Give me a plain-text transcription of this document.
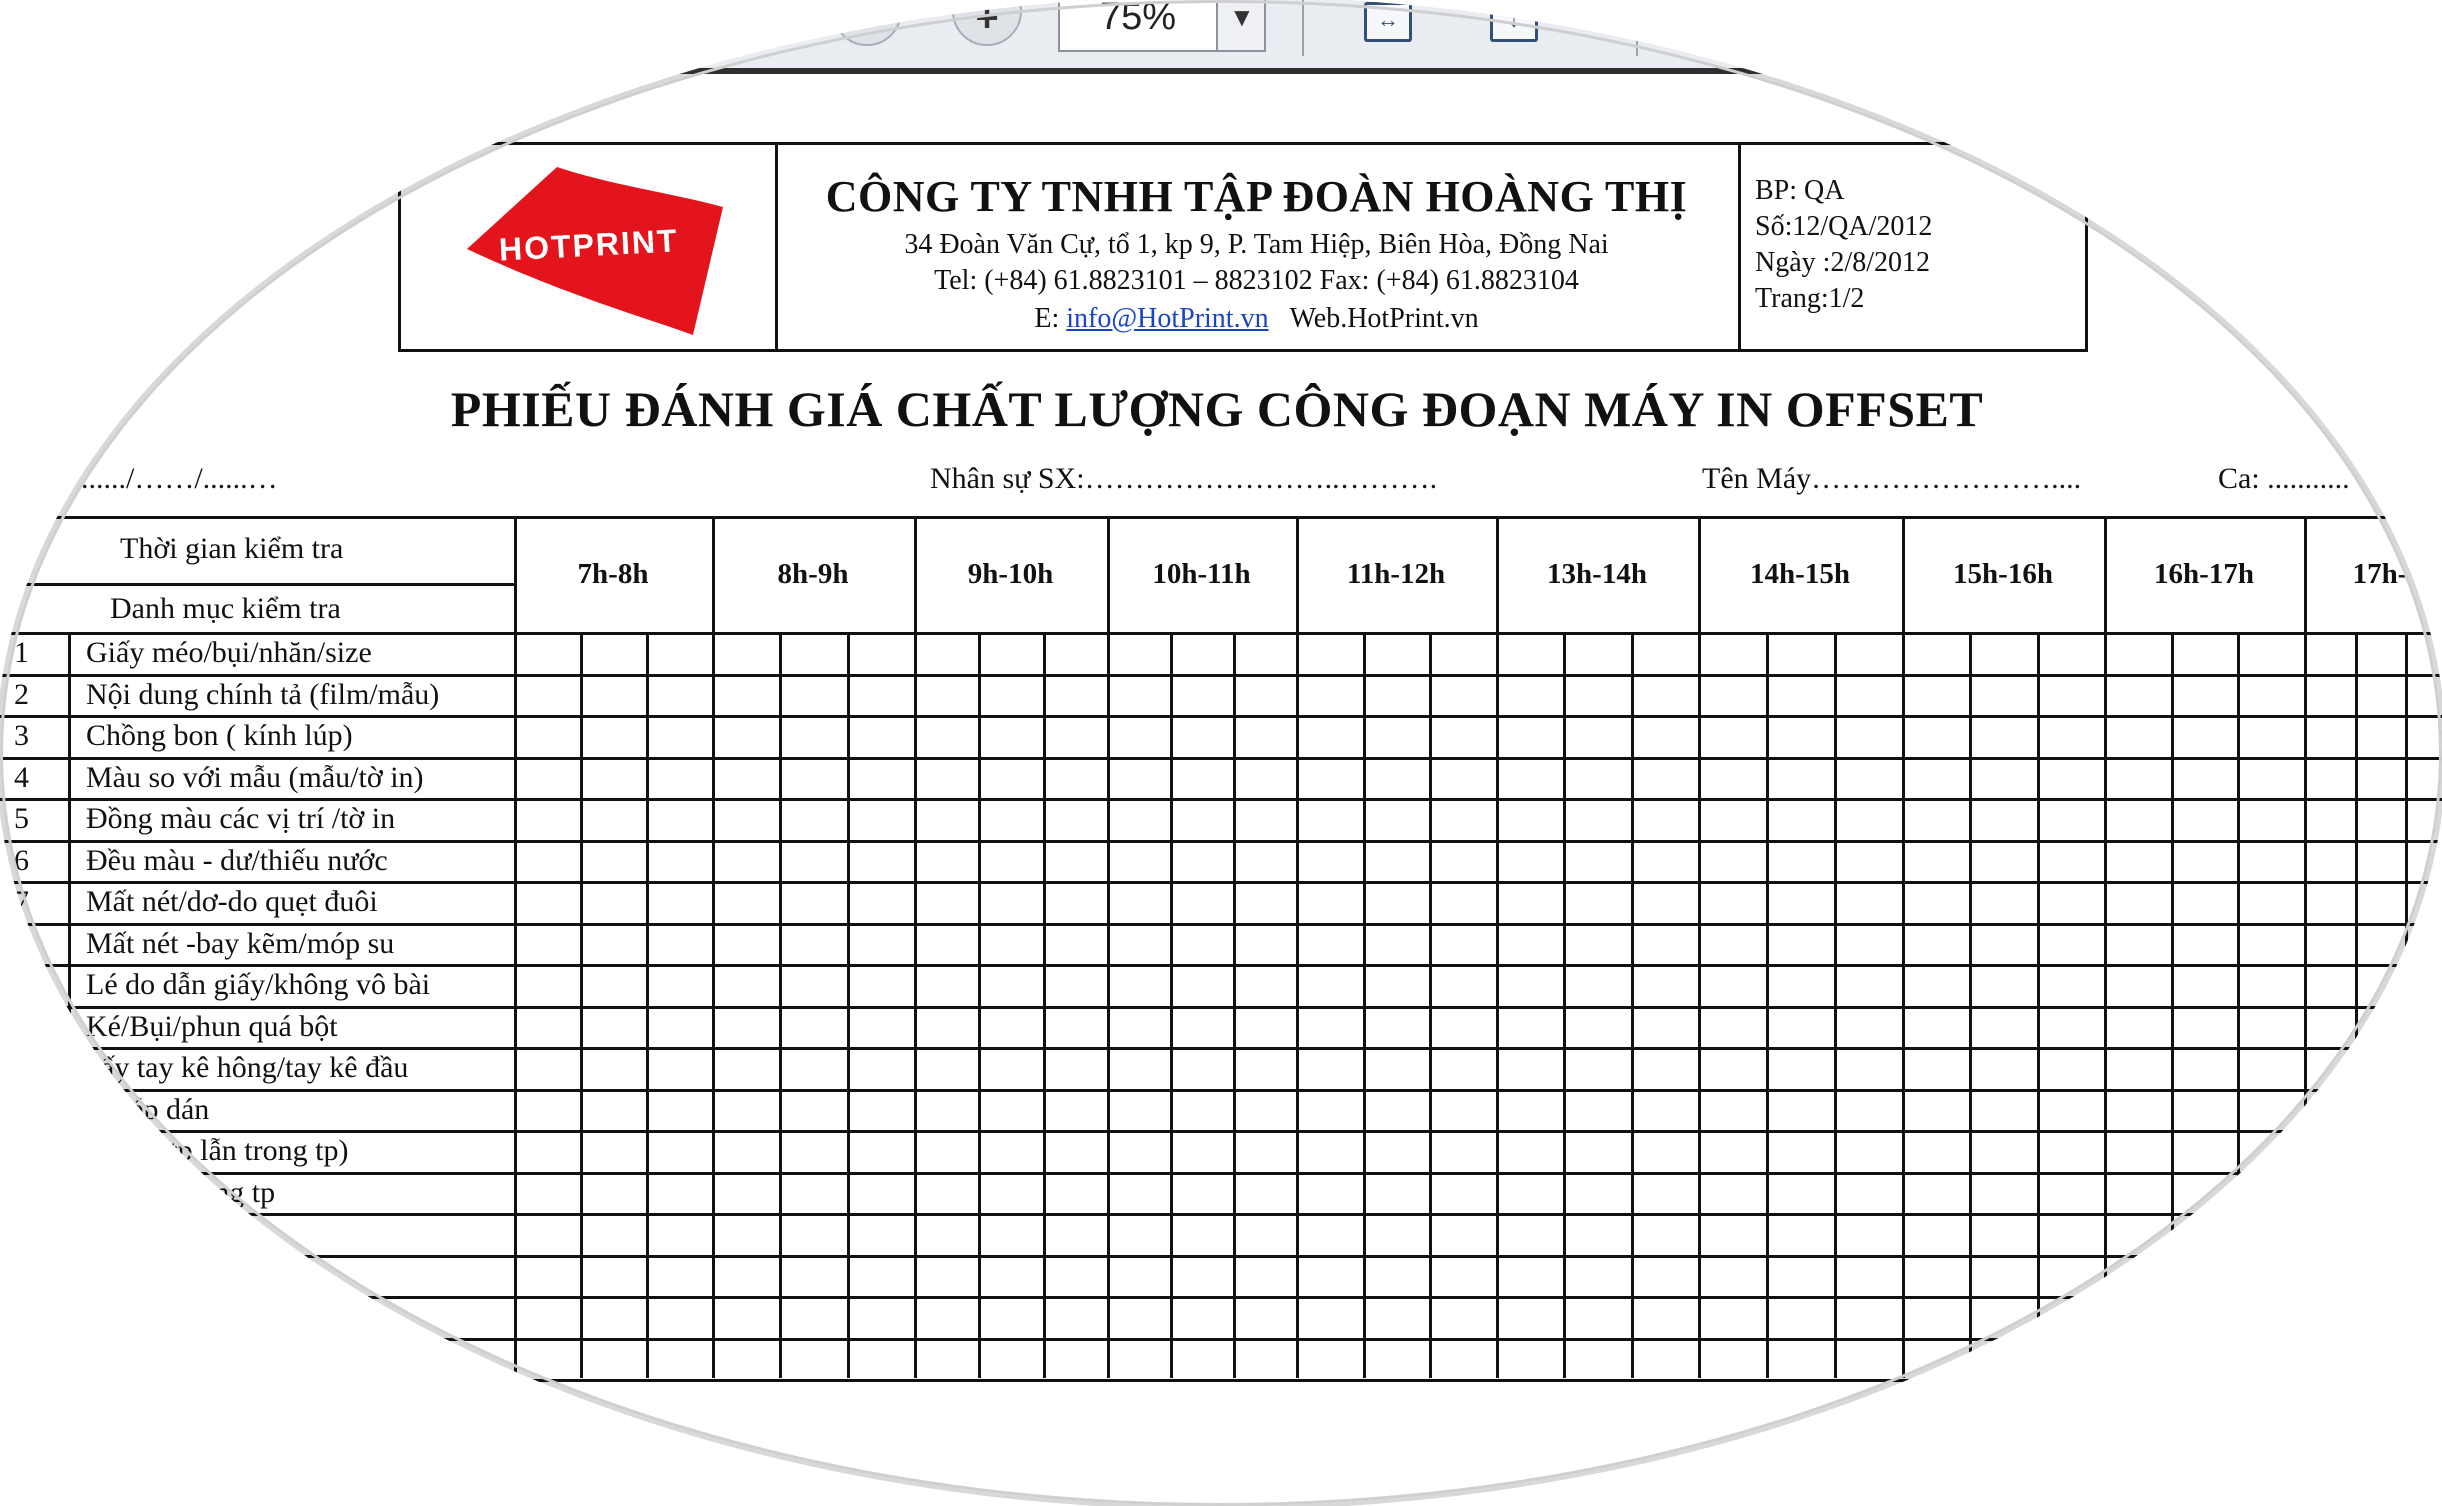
–	+	75% ▼	↔	↓
HOTPRINT
CÔNG TY TNHH TẬP ĐOÀN HOÀNG THỊ
34 Đoàn Văn Cự, tổ 1, kp 9, P. Tam Hiệp, Biên Hòa, Đồng Nai
Tel: (+84) 61.8823101 – 8823102 Fax: (+84) 61.8823104
E: info@HotPrint.vn Web.HotPrint.vn
BP: QA
Số:12/QA/2012
Ngày :2/8/2012
Trang:1/2
PHIẾU ĐÁNH GIÁ CHẤT LƯỢNG CÔNG ĐOẠN MÁY IN OFFSET
. ....../……/......…	Nhân sự SX:……………………..……….	Tên Máy……………………....	Ca: ...........
Thời gian kiểm tra
Danh mục kiểm tra
7h-8h	8h-9h	9h-10h	10h-11h	11h-12h	13h-14h	14h-15h	15h-16h	16h-17h	17h-
1	Giấy méo/bụi/nhăn/size
2	Nội dung chính tả (film/mẫu)
3	Chồng bon ( kính lúp)
4	Màu so với mẫu (mẫu/tờ in)
5	Đồng màu các vị trí /tờ in
6	Đều màu - dư/thiếu nước
7	Mất nét/dơ-do quẹt đuôi
Mất nét -bay kẽm/móp su
Lé do dẫn giấy/không vô bài
Ké/Bụi/phun quá bột
hấy tay kê hông/tay kê đầu
a mép dán
n (bán tp lẫn trong tp)
háp lẫn trong tp
đg bon/chiều
mặt/tờ sau
đạt
